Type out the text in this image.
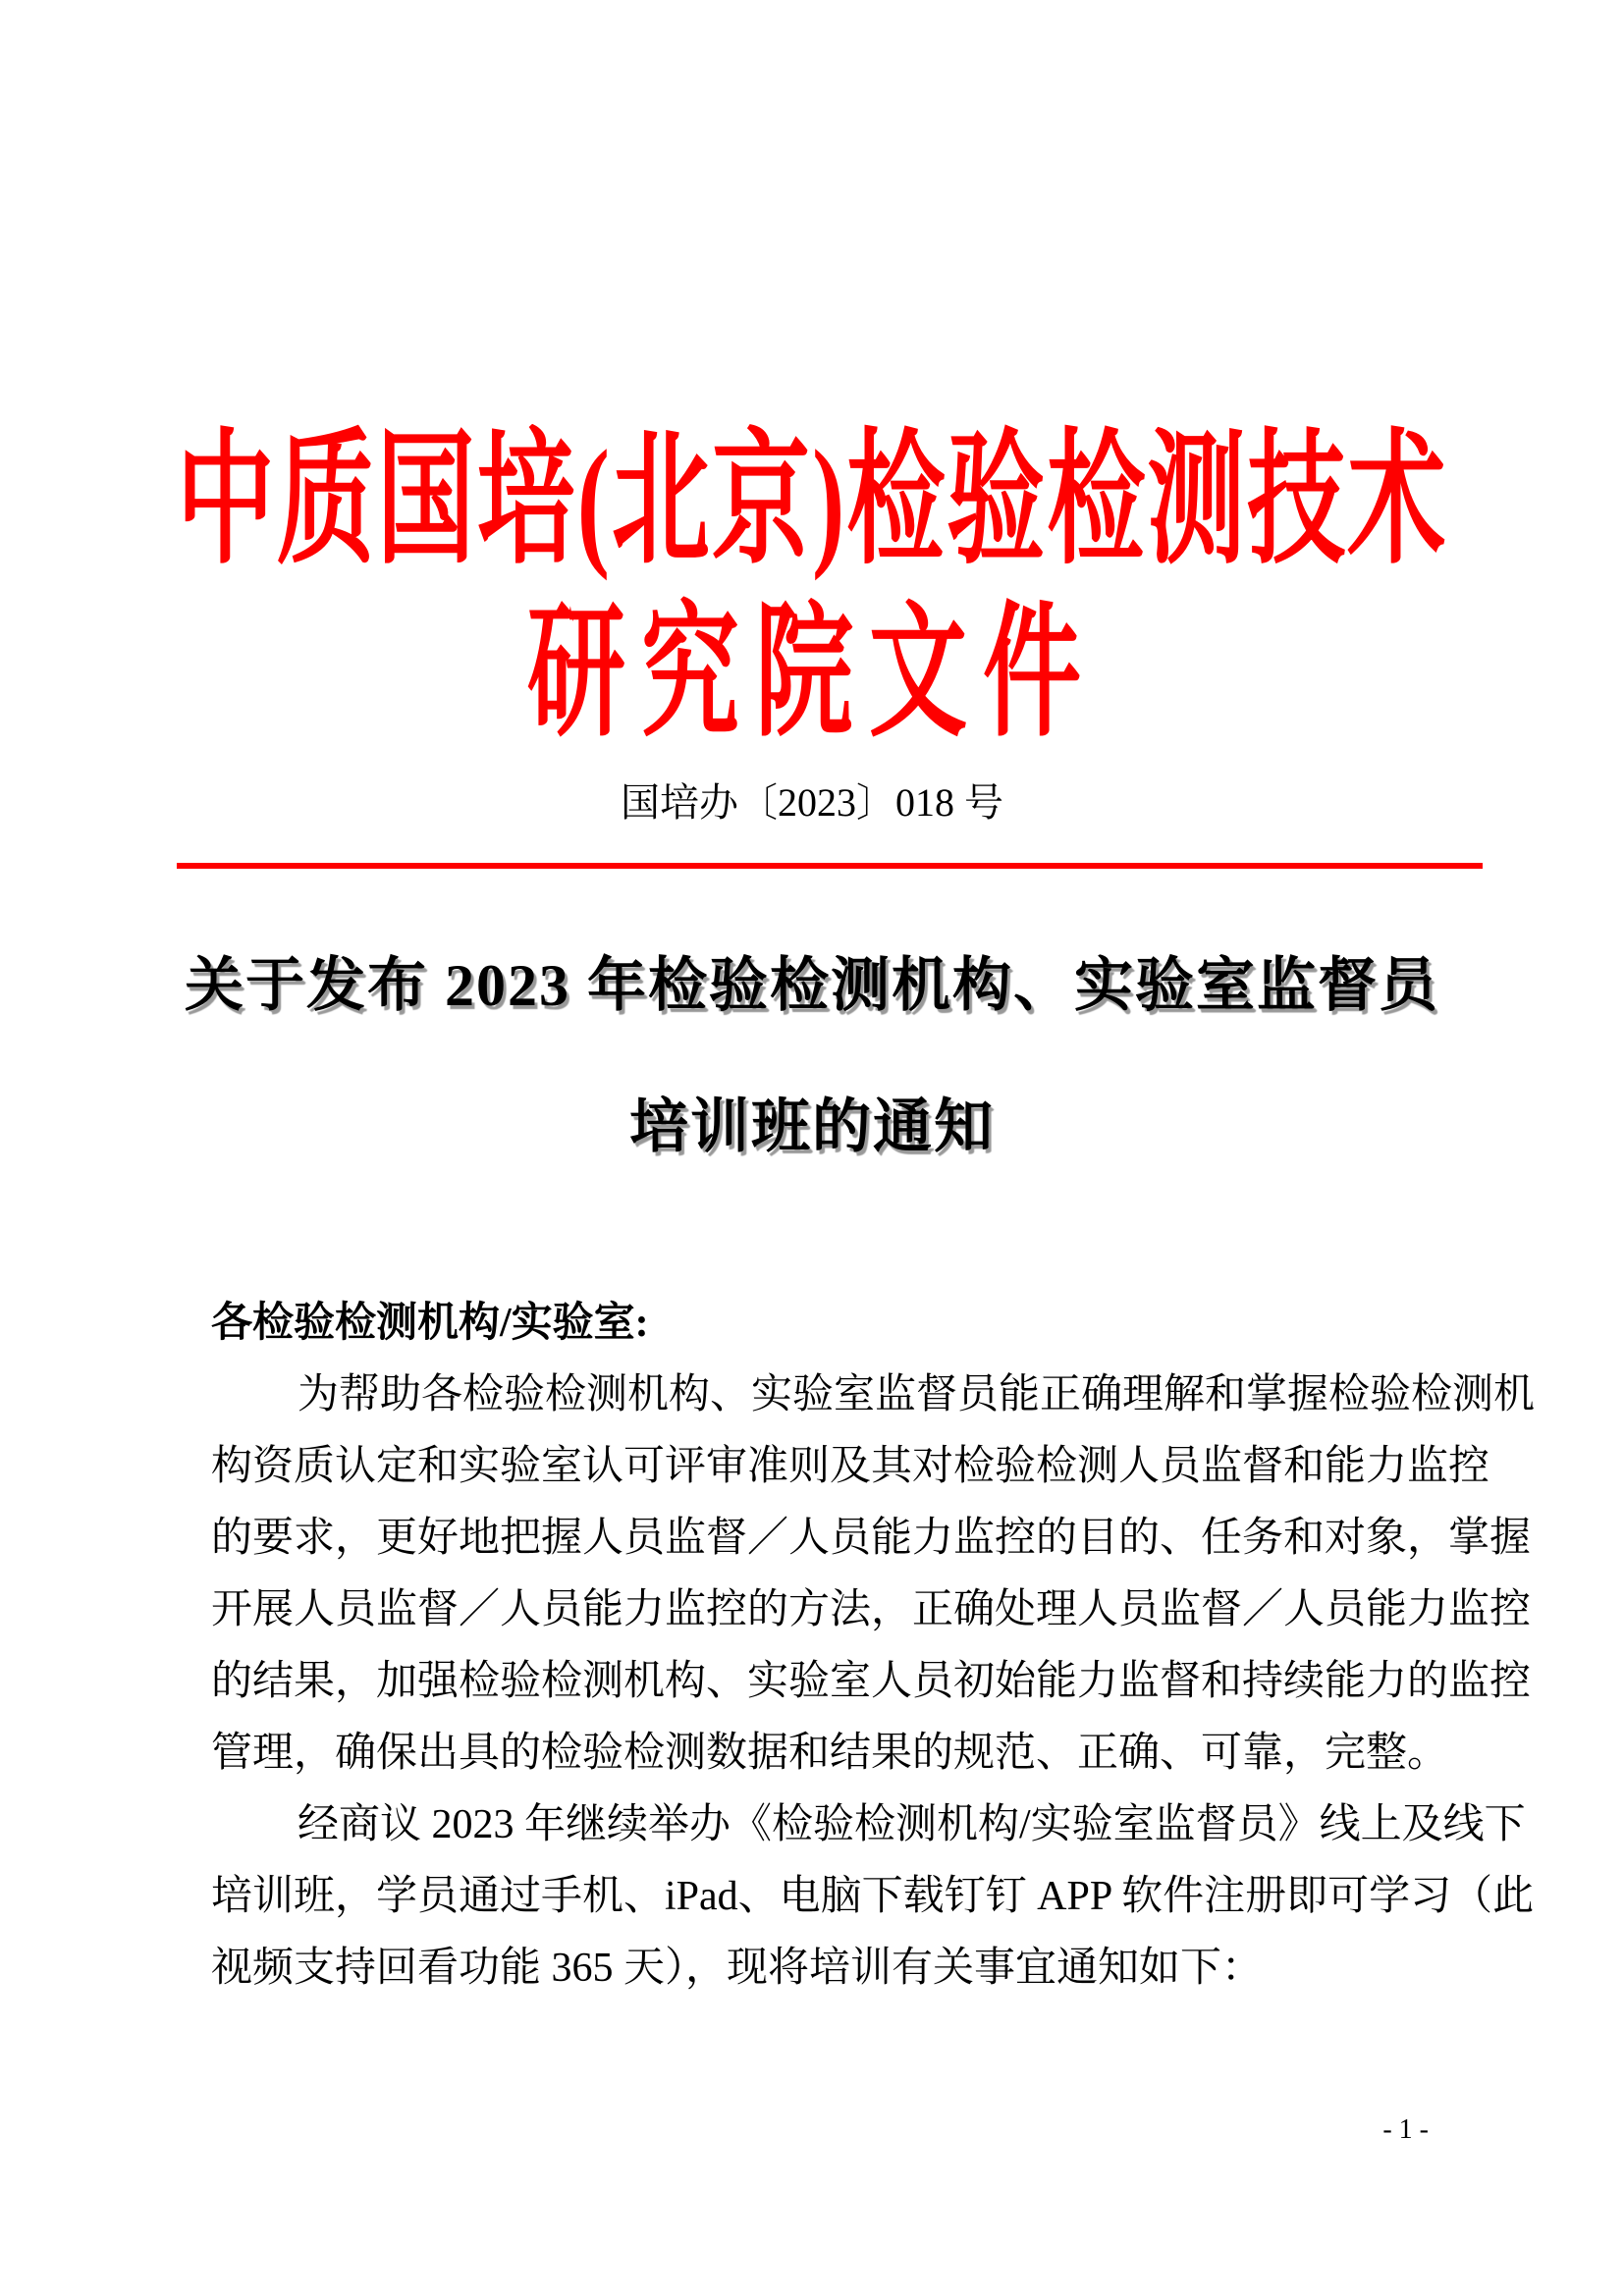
中质国培(北京)检验检测技术
研究院文件
国培办〔2023〕018 号
关于发布 2023 年检验检测机构、实验室监督员
培训班的通知
各检验检测机构/实验室:
为帮助各检验检测机构、实验室监督员能正确理解和掌握检验检测机
构资质认定和实验室认可评审准则及其对检验检测人员监督和能力监控
的要求，更好地把握人员监督／人员能力监控的目的、任务和对象，掌握
开展人员监督／人员能力监控的方法，正确处理人员监督／人员能力监控
的结果，加强检验检测机构、实验室人员初始能力监督和持续能力的监控
管理，确保出具的检验检测数据和结果的规范、正确、可靠，完整。
经商议 2023 年继续举办《检验检测机构/实验室监督员》线上及线下
培训班，学员通过手机、iPad、电脑下载钉钉 APP 软件注册即可学习（此
视频支持回看功能 365 天），现将培训有关事宜通知如下：
- 1 -
